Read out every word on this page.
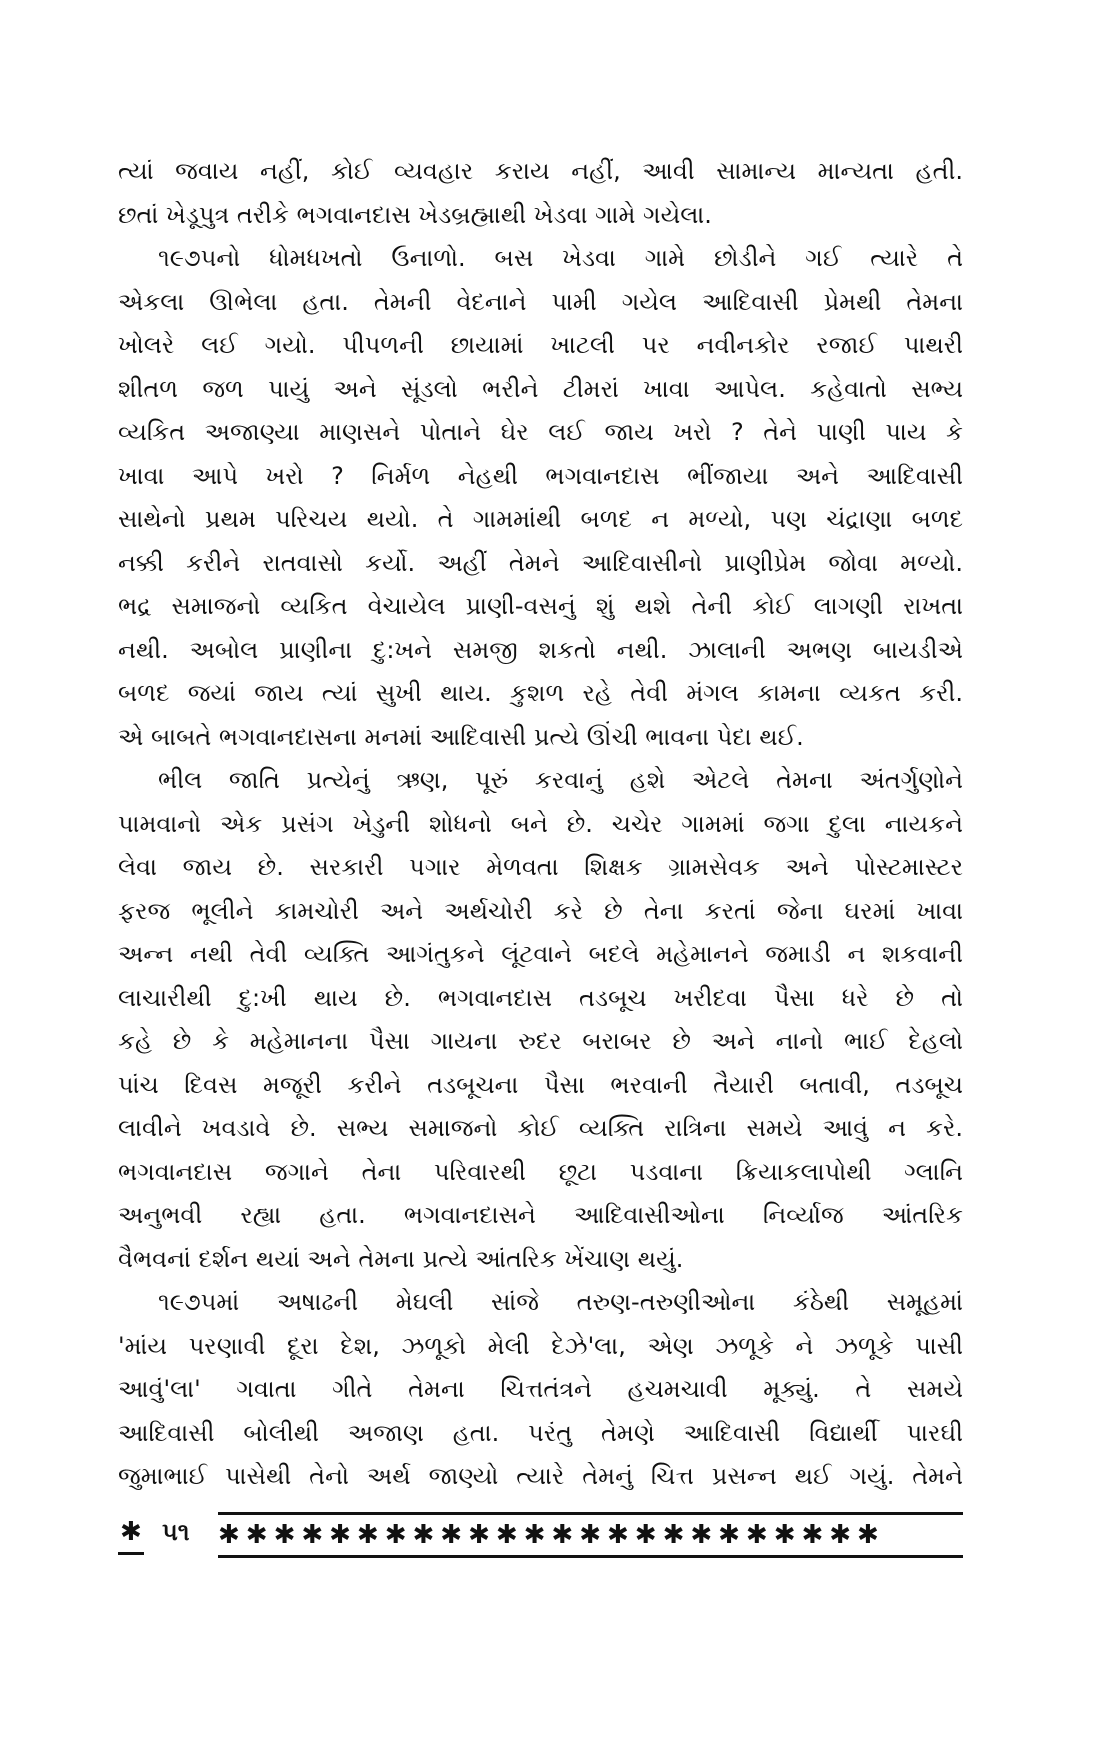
ત્યાં જવાય નહીં, કોઈ વ્યવહાર કરાય નહીં, આવી સામાન્ય માન્યતા હતી.
છતાં ખેડૂપુત્ર તરીકે ભગવાનદાસ ખેડબ્રહ્માથી ખેડવા ગામે ગયેલા.
૧૯૭૫નો ધોમધખતો ઉનાળો. બસ ખેડવા ગામે છોડીને ગઈ ત્યારે તે
એકલા ઊભેલા હતા. તેમની વેદનાને પામી ગયેલ આદિવાસી પ્રેમથી તેમના
ખોલરે લઈ ગયો. પીપળની છાયામાં ખાટલી પર નવીનકોર રજાઈ પાથરી
શીતળ જળ પાયું અને સૂંડલો ભરીને ટીમરાં ખાવા આપેલ. કહેવાતો સભ્ય
વ્યકિત અજાણ્યા માણસને પોતાને ઘેર લઈ જાય ખરો ? તેને પાણી પાય કે
ખાવા આપે ખરો ? નિર્મળ નેહથી ભગવાનદાસ ભીંજાયા અને આદિવાસી
સાથેનો પ્રથમ પરિચય થયો. તે ગામમાંથી બળદ ન મળ્યો, પણ ચંદ્રાણા બળદ
નક્કી કરીને રાતવાસો કર્યો. અહીં તેમને આદિવાસીનો પ્રાણીપ્રેમ જોવા મળ્યો.
ભદ્ર સમાજનો વ્યકિત વેચાયેલ પ્રાણી-વસનું શું થશે તેની કોઈ લાગણી રાખતા
નથી. અબોલ પ્રાણીના દુ:ખને સમજી શકતો નથી. ઝાલાની અભણ બાયડીએ
બળદ જયાં જાય ત્યાં સુખી થાય. કુશળ રહે તેવી મંગલ કામના વ્યકત કરી.
એ બાબતે ભગવાનદાસના મનમાં આદિવાસી પ્રત્યે ઊંચી ભાવના પેદા થઈ.
ભીલ જાતિ પ્રત્યેનું ઋણ, પૂરું કરવાનું હશે એટલે તેમના અંતર્ગુણોને
પામવાનો એક પ્રસંગ ખેડુની શોધનો બને છે. ચચેર ગામમાં જગા દુલા નાયકને
લેવા જાય છે. સરકારી પગાર મેળવતા શિક્ષક ગ્રામસેવક અને પોસ્ટમાસ્ટર
ફરજ ભૂલીને કામચોરી અને અર્થચોરી કરે છે તેના કરતાં જેના ઘરમાં ખાવા
અન્ન નથી તેવી વ્યક્તિ આગંતુકને લૂંટવાને બદલે મહેમાનને જમાડી ન શકવાની
લાચારીથી દુ:ખી થાય છે. ભગવાનદાસ તડબૂચ ખરીદવા પૈસા ધરે છે તો
કહે છે કે મહેમાનના પૈસા ગાયના રુદર બરાબર છે અને નાનો ભાઈ દેહલો
પાંચ દિવસ મજૂરી કરીને તડબૂચના પૈસા ભરવાની તૈયારી બતાવી, તડબૂચ
લાવીને ખવડાવે છે. સભ્ય સમાજનો કોઈ વ્યક્તિ રાત્રિના સમયે આવું ન કરે.
ભગવાનદાસ જગાને તેના પરિવારથી છૂટા પડવાના ક્રિયાકલાપોથી ગ્લાનિ
અનુભવી રહ્યા હતા. ભગવાનદાસને આદિવાસીઓના નિર્વ્યાજ આંતરિક
વૈભવનાં દર્શન થયાં અને તેમના પ્રત્યે આંતરિક ખેંચાણ થયું.
૧૯૭૫માં અષાઢની મેઘલી સાંજે તરુણ-તરુણીઓના કંઠેથી સમૂહમાં
'માંય પરણાવી દૂરા દેશ, ઝળૂકો મેલી દેઝે'લા, એણ ઝળૂકે ને ઝળૂકે પાસી
આવું'લા' ગવાતા ગીતે તેમના ચિત્તતંત્રને હચમચાવી મૂક્યું. તે સમયે
આદિવાસી બોલીથી અજાણ હતા. પરંતુ તેમણે આદિવાસી વિદ્યાર્થી પારઘી
જુમાભાઈ પાસેથી તેનો અર્થ જાણ્યો ત્યારે તેમનું ચિત્ત પ્રસન્ન થઈ ગયું. તેમને
✱ ૫૧ ✱✱✱✱✱✱✱✱✱✱✱✱✱✱✱✱✱✱✱✱✱✱✱✱
